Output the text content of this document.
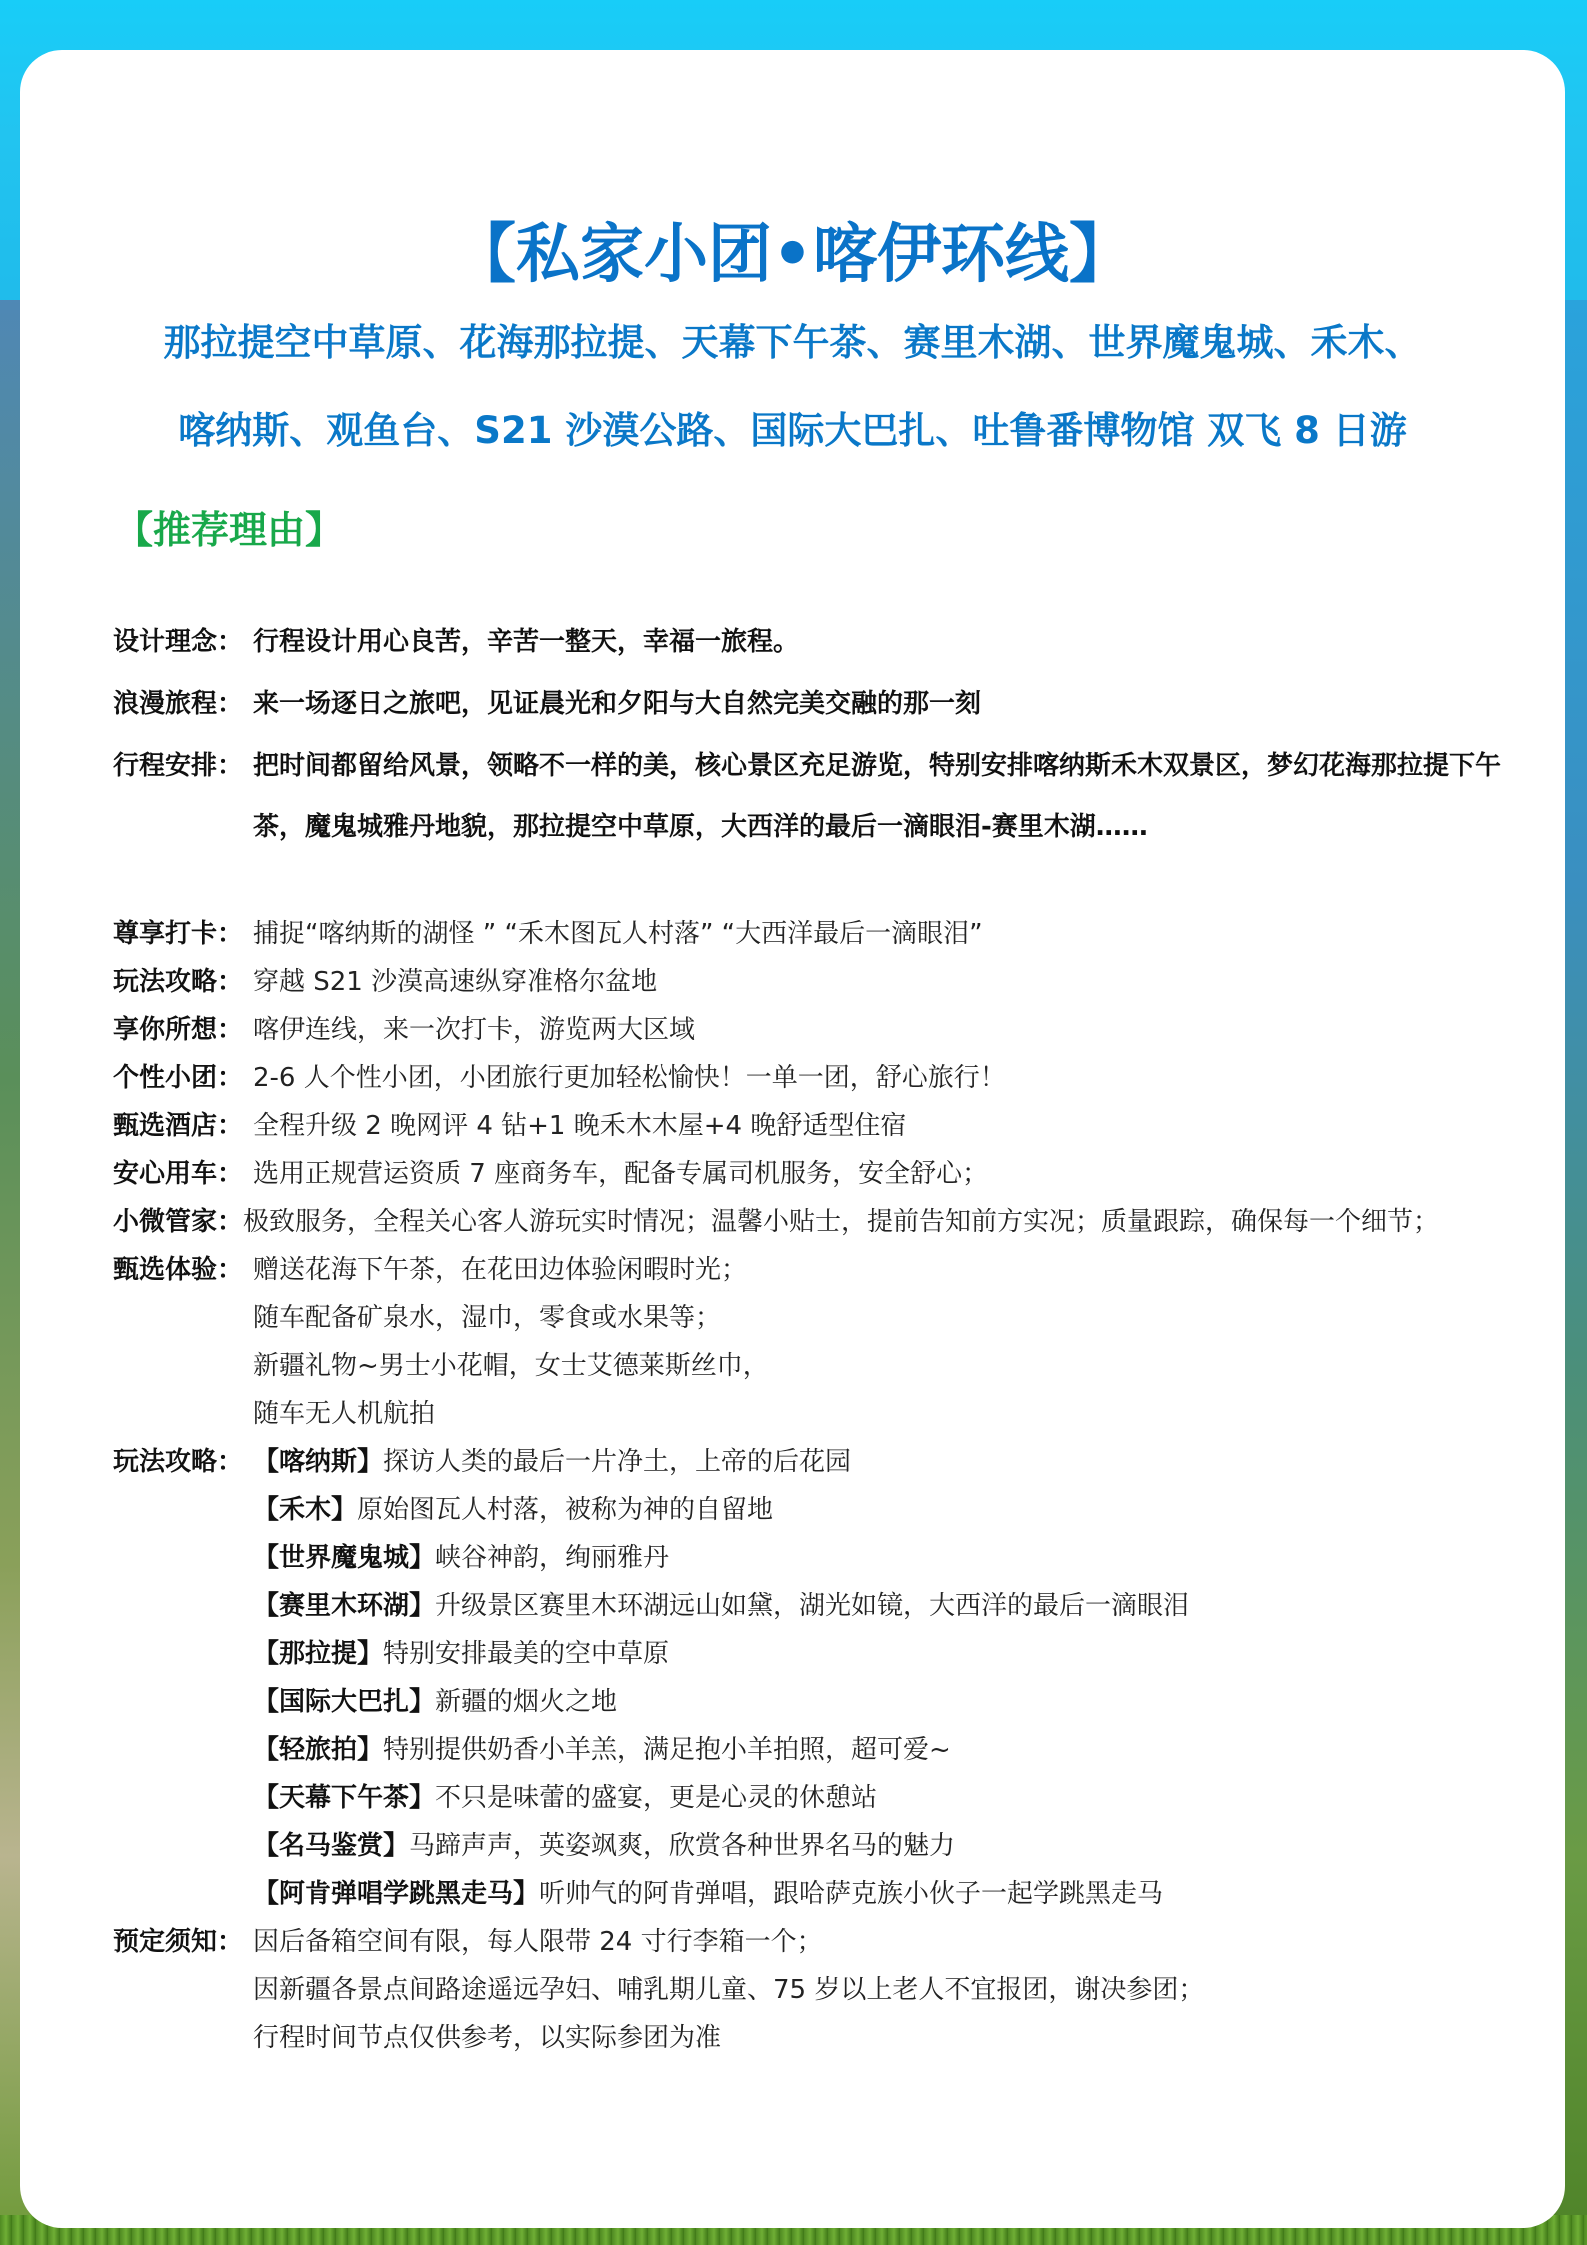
【私家小团•喀伊环线】

那拉提空中草原、花海那拉提、天幕下午茶、赛里木湖、世界魔鬼城、禾木、

喀纳斯、观鱼台、S21 沙漠公路、国际大巴扎、吐鲁番博物馆 双飞 8 日游

【推荐理由】
设计理念： 行程设计用心良苦，辛苦一整天，幸福一旅程。
浪漫旅程： 来一场逐日之旅吧，见证晨光和夕阳与大自然完美交融的那一刻
行程安排： 把时间都留给风景，领略不一样的美，核心景区充足游览，特别安排喀纳斯禾木双景区，梦幻花海那拉提下午茶，魔鬼城雅丹地貌，那拉提空中草原，大西洋的最后一滴眼泪-赛里木湖……
尊享打卡： 捕捉“喀纳斯的湖怪 ” “禾木图瓦人村落” “大西洋最后一滴眼泪”
玩法攻略： 穿越 S21 沙漠高速纵穿准格尔盆地
享你所想： 喀伊连线，来一次打卡，游览两大区域
个性小团： 2-6 人个性小团，小团旅行更加轻松愉快！一单一团，舒心旅行！
甄选酒店： 全程升级 2 晚网评 4 钻+1 晚禾木木屋+4 晚舒适型住宿
安心用车： 选用正规营运资质 7 座商务车，配备专属司机服务，安全舒心；
小微管家：极致服务，全程关心客人游玩实时情况；温馨小贴士，提前告知前方实况；质量跟踪，确保每一个细节；
甄选体验： 赠送花海下午茶，在花田边体验闲暇时光；
随车配备矿泉水，湿巾，零食或水果等；
新疆礼物~男士小花帽，女士艾德莱斯丝巾，
随车无人机航拍
玩法攻略： 【喀纳斯】探访人类的最后一片净土，上帝的后花园
【禾木】原始图瓦人村落，被称为神的自留地
【世界魔鬼城】峡谷神韵，绚丽雅丹
【赛里木环湖】升级景区赛里木环湖远山如黛，湖光如镜，大西洋的最后一滴眼泪
【那拉提】特别安排最美的空中草原
【国际大巴扎】新疆的烟火之地
【轻旅拍】特别提供奶香小羊羔，满足抱小羊拍照，超可爱~
【天幕下午茶】不只是味蕾的盛宴，更是心灵的休憩站
【名马鉴赏】马蹄声声，英姿飒爽，欣赏各种世界名马的魅力
【阿肯弹唱学跳黑走马】听帅气的阿肯弹唱，跟哈萨克族小伙子一起学跳黑走马
预定须知： 因后备箱空间有限，每人限带 24 寸行李箱一个；
因新疆各景点间路途遥远孕妇、哺乳期儿童、75 岁以上老人不宜报团，谢决参团；
行程时间节点仅供参考，以实际参团为准
